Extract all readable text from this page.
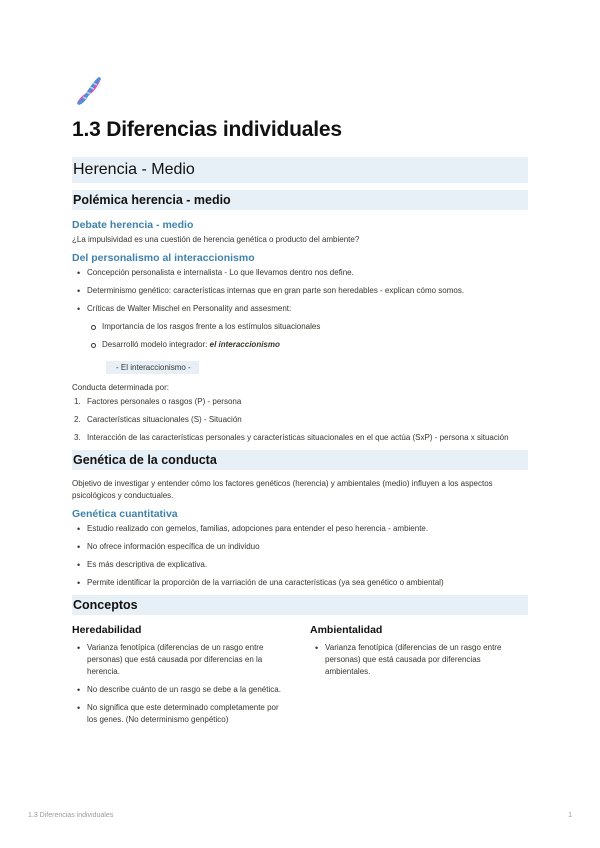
1.3 Diferencias individuales
Herencia - Medio
Polémica herencia - medio
Debate herencia - medio
¿La impulsividad es una cuestión de herencia genética o producto del ambiente?
Del personalismo al interaccionismo
• Concepción personalista e internalista - Lo que llevamos dentro nos define.
• Determinismo genético: características internas que en gran parte son heredables - explican cómo somos.
• Críticas de Walter Mischel en Personality and assesment:
Importancia de los rasgos frente a los estímulos situacionales
Desarrolló modelo integrador: el interaccionismo
- El interaccionismo -
Conducta determinada por:
1. Factores personales o rasgos (P) - persona
2. Características situacionales (S) - Situación
3. Interacción de las características personales y características situacionales en el que actúa (SxP) - persona x situación
Genética de la conducta
Objetivo de investigar y entender cómo los factores genéticos (herencia) y ambientales (medio) influyen a los aspectos psicológicos y conductuales.
Genética cuantitativa
• Estudio realizado con gemelos, familias, adopciones para entender el peso herencia - ambiente.
• No ofrece información específica de un individuo
• Es más descriptiva de explicativa.
• Permite identificar la proporción de la varriación de una características (ya sea genético o ambiental)
Conceptos
Heredabilidad
• Varianza fenotípica (diferencias de un rasgo entre personas) que está causada por diferencias en la herencia.
• No describe cuánto de un rasgo se debe a la genética.
• No significa que este determinado completamente por los genes. (No determinismo genpético)
Ambientalidad
• Varianza fenotípica (diferencias de un rasgo entre personas) que está causada por diferencias ambientales.
1.3 Diferencias individuales	1
